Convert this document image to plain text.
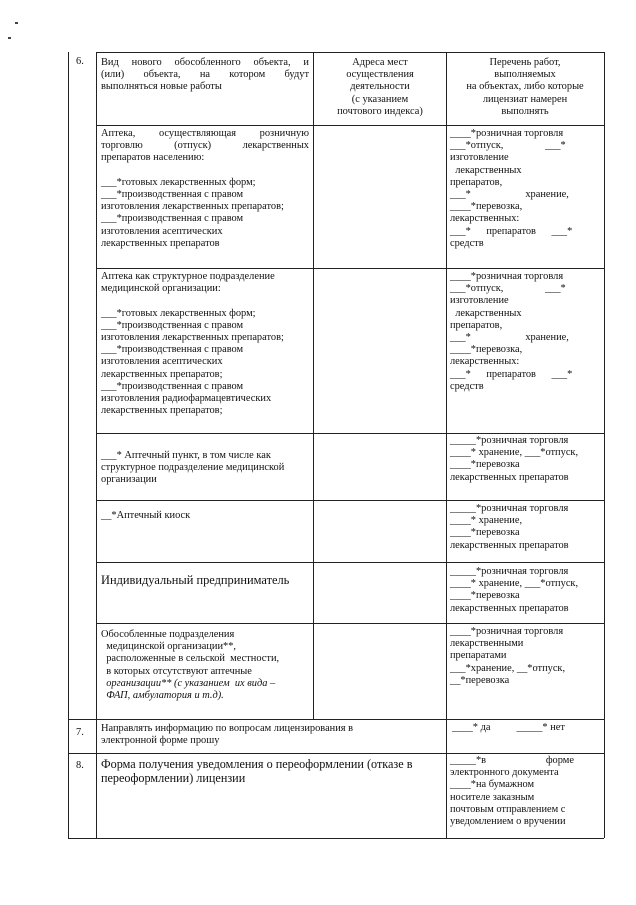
6. Вид нового обособленного объекта, и
(или) объекта, на котором будут
выполняться новые работы
Адреса мест
осуществления
деятельности
(с указанием
почтового индекса)
Перечень работ,
выполняемых
на объектах, либо которые
лицензиат намерен
выполнять
Аптека, осуществляющая розничную
торговлю (отпуск) лекарственных
препаратов населению:

___*готовых лекарственных форм;
___*производственная с правом
изготовления лекарственных препаратов;
___*производственная с правом
изготовления асептических
лекарственных препаратов
____*розничная торговля
___*отпуск,                ___*
изготовление
лекарственных
препаратов,
___*                     хранение,
____*перевозка,
лекарственных:
___*      препаратов      ___*
средств
Аптека как структурное подразделение
медицинской организации:

___*готовых лекарственных форм;
___*производственная с правом
изготовления лекарственных препаратов;
___*производственная с правом
изготовления асептических
лекарственных препаратов;
___*производственная с правом
изготовления радиофармацевтических
лекарственных препаратов;
____*розничная торговля
___*отпуск,                ___*
изготовление
лекарственных
препаратов,
___*                     хранение,
____*перевозка,
лекарственных:
___*      препаратов      ___*
средств
___* Аптечный пункт, в том числе как
структурное подразделение медицинской
организации
_____*розничная торговля
____* хранение, ___*отпуск,
____*перевозка
лекарственных препаратов
__*Аптечный киоск
_____*розничная торговля
____* хранение,
____*перевозка
лекарственных препаратов
Индивидуальный предприниматель
_____*розничная торговля
____* хранение, ___*отпуск,
____*перевозка
лекарственных препаратов
Обособленные подразделения
медицинской организации**,
расположенные в сельской  местности,
в которых отсутствуют аптечные
организации** (с указанием  их вида –
ФАП, амбулатория и т.д).
____*розничная торговля
лекарственными
препаратами
___*хранение, __*отпуск,
__*перевозка
7. Направлять информацию по вопросам лицензирования в
электронной форме прошу
____* да          _____* нет
8. Форма получения уведомления о переоформлении (отказе в
переоформлении) лицензии
_____*в                       форме
электронного документа
____*на бумажном
носителе заказным
почтовым отправлением с
уведомлением о вручении
